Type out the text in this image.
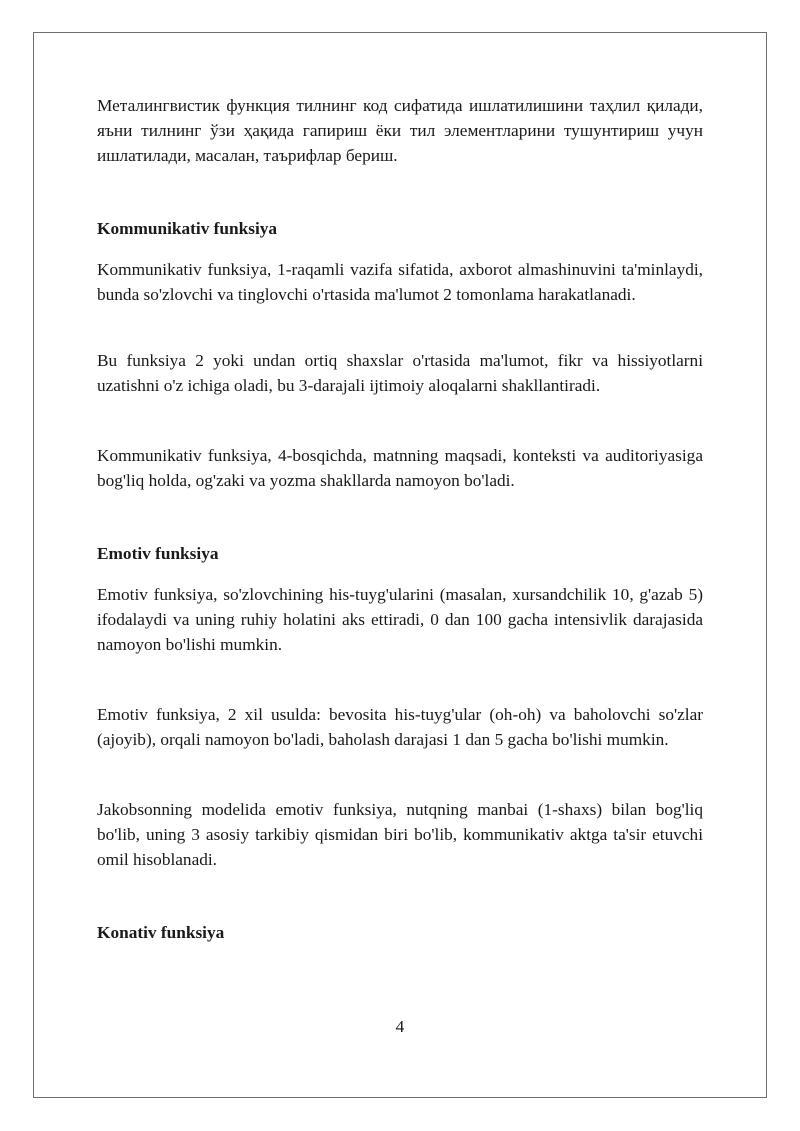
Металингвистик функция тилнинг код сифатида ишлатилишини таҳлил қилади, яъни тилнинг ўзи ҳақида гапириш ёки тил элементларини тушунтириш учун ишлатилади, масалан, таърифлар бериш.

Kommunikativ funksiya

Kommunikativ funksiya, 1-raqamli vazifa sifatida, axborot almashinuvini ta'minlaydi, bunda so'zlovchi va tinglovchi o'rtasida ma'lumot 2 tomonlama harakatlanadi.

Bu funksiya 2 yoki undan ortiq shaxslar o'rtasida ma'lumot, fikr va hissiyotlarni uzatishni o'z ichiga oladi, bu 3-darajali ijtimoiy aloqalarni shakllantiradi.

Kommunikativ funksiya, 4-bosqichda, matnning maqsadi, konteksti va auditoriyasiga bog'liq holda, og'zaki va yozma shakllarda namoyon bo'ladi.

Emotiv funksiya

Emotiv funksiya, so'zlovchining his-tuyg'ularini (masalan, xursandchilik 10, g'azab 5) ifodalaydi va uning ruhiy holatini aks ettiradi, 0 dan 100 gacha intensivlik darajasida namoyon bo'lishi mumkin.

Emotiv funksiya, 2 xil usulda: bevosita his-tuyg'ular (oh-oh) va baholovchi so'zlar (ajoyib), orqali namoyon bo'ladi, baholash darajasi 1 dan 5 gacha bo'lishi mumkin.

Jakobsonning modelida emotiv funksiya, nutqning manbai (1-shaxs) bilan bog'liq bo'lib, uning 3 asosiy tarkibiy qismidan biri bo'lib, kommunikativ aktga ta'sir etuvchi omil hisoblanadi.

Konativ funksiya

4
